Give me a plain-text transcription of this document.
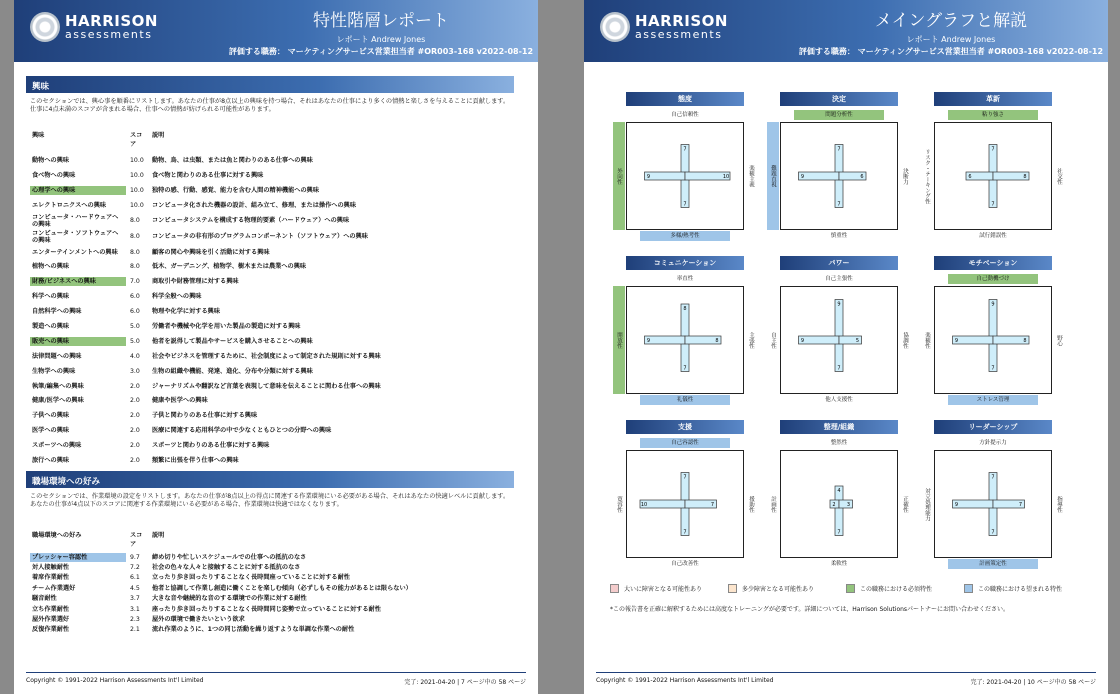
HARRISON
assessments
特性階層レポート
レポート Andrew Jones
評価する職務： マーケティングサービス営業担当者 #OR003-168 v2022-08-12
興味
このセクションでは、興心事を順番にリストします。あなたの仕事が8点以上の興味を持つ場合、それはあなたの仕事により多くの情熱と楽しさを与えることに貢献します。仕事に4点未満のスコアが含まれる場合、仕事への情熱が妨げられる可能性があります。
興味	スコア
説明
動物への興味	10.0	動物、鳥、は虫類、または魚と関わりのある仕事への興味
食べ物への興味	10.0	食べ物と関わりのある仕事に対する興味
心理学への興味	10.0	独特の感、行動、感覚、能力を含む人間の精神機能への興味
エレクトロニクスへの興味	10.0	コンピュータ化された機器の設計、組み立て、修理、または操作への興味
コンピュータ・ハードウェアへの興味	8.0	コンピュータシステムを構成する物理的要素（ハードウェア）への興味
コンピュータ・ソフトウェアへの興味	8.0	コンピュータの非有形のプログラムコンポーネント（ソフトウェア）への興味
エンターテインメントへの興味	8.0	顧客の関心や興味を引く活動に対する興味
植物への興味	8.0	低木、ガーデニング、植物学、樹木または農業への興味
財務/ビジネスへの興味	7.0	商取引や財務管理に対する興味
科学への興味	6.0	科学全般への興味
自然科学への興味	6.0	物理や化学に対する興味
製造への興味	5.0	労働者や機械や化学を用いた製品の製造に対する興味
販売への興味	5.0	他者を説得して製品やサービスを購入させることへの興味
法律問題への興味	4.0	社会やビジネスを管理するために、社会制度によって制定された規則に対する興味
生物学への興味	3.0	生物の組織や機能、発達、進化、分布や分類に対する興味
執筆/編集への興味	2.0	ジャーナリズムや翻訳など言葉を表現して意味を伝えることに関わる仕事への興味
健康/医学への興味	2.0	健康や医学への興味
子供への興味	2.0	子供と関わりのある仕事に対する興味
医学への興味	2.0	医療に関連する応用科学の中で少なくともひとつの分野への興味
スポーツへの興味	2.0	スポーツと関わりのある仕事に対する興味
旅行への興味	2.0	頻繁に出張を伴う仕事への興味
職場環境への好み
このセクションでは、作業環境の設定をリストします。あなたの仕事が8点以上の得点に関連する作業環境にいる必要がある場合、それはあなたの快適レベルに貢献します。あなたの仕事が4点以下のスコアに関連する作業環境にいる必要がある場合、作業環境は快適ではなくなります。
職場環境への好み	スコア
説明
プレッシャー容認性	9.7	締め切りや忙しいスケジュールでの仕事への抵抗のなさ
対人接触耐性	7.2	社会の色々な人々と接触することに対する抵抗のなさ
着席作業耐性	6.1	立ったり歩き回ったりすることなく長時間座っていることに対する耐性
チーム作業選好	4.5	他者と協調して作業し創造に働くことを楽しむ傾向（必ずしもその能力があるとは限らない）
騒音耐性	3.7	大きな音や継続的な音のする環境での作業に対する耐性
立ち作業耐性	3.1	座ったり歩き回ったりすることなく長時間同じ姿勢で立っていることに対する耐性
屋外作業選好	2.3	屋外の環境で働きたいという欲求
反復作業耐性	2.1	流れ作業のように、1つの同じ活動を繰り返すような単調な作業への耐性
Copyright © 1991-2022 Harrison Assessments Int'l Limited	完了: 2021-04-20 | 7 ページ中の 58 ページ
HARRISON
assessments
メイングラフと解説
レポート Andrew Jones
評価する職務： マーケティングサービス営業担当者 #OR003-168 v2022-08-12
態度
7
7
9	10
自己信頼性
多様/熱考性
外向性	楽観主義
決定
7
7
9	6
問題分析性
慎重性
難題直視	決断力
革新
7
7
6	8
粘り強さ
試行錯誤性
リスク・テーキング性	社交性
コミュニケーション
8
7
9	8
率直性
礼儀性
開放性	主張性
パワー
9
7
9	5
自己主張性
他人支援性
自主性	協調性
モチベーション
9
7
9	8
自己動機づけ
ストレス管理
楽観性	野心
支援
7
7
10	7
自己容認性
自己改善性
寛容性	援助性
整理/組織
4
7
2 3
整然性
柔軟性
計画性	正確性
リーダーシップ
7
7
9	7
方針提示力
計画策定性
対立処理能力	指導性
大いに障害となる可能性あり	多少障害となる可能性あり	この職務における必須特性	この職務における望まれる特性
*この報告書を正確に解釈するためには高度なトレーニングが必要です。詳細については、Harrison Solutionsパートナーにお問い合わせください。
Copyright © 1991-2022 Harrison Assessments Int'l Limited	完了: 2021-04-20 | 10 ページ中の 58 ページ
